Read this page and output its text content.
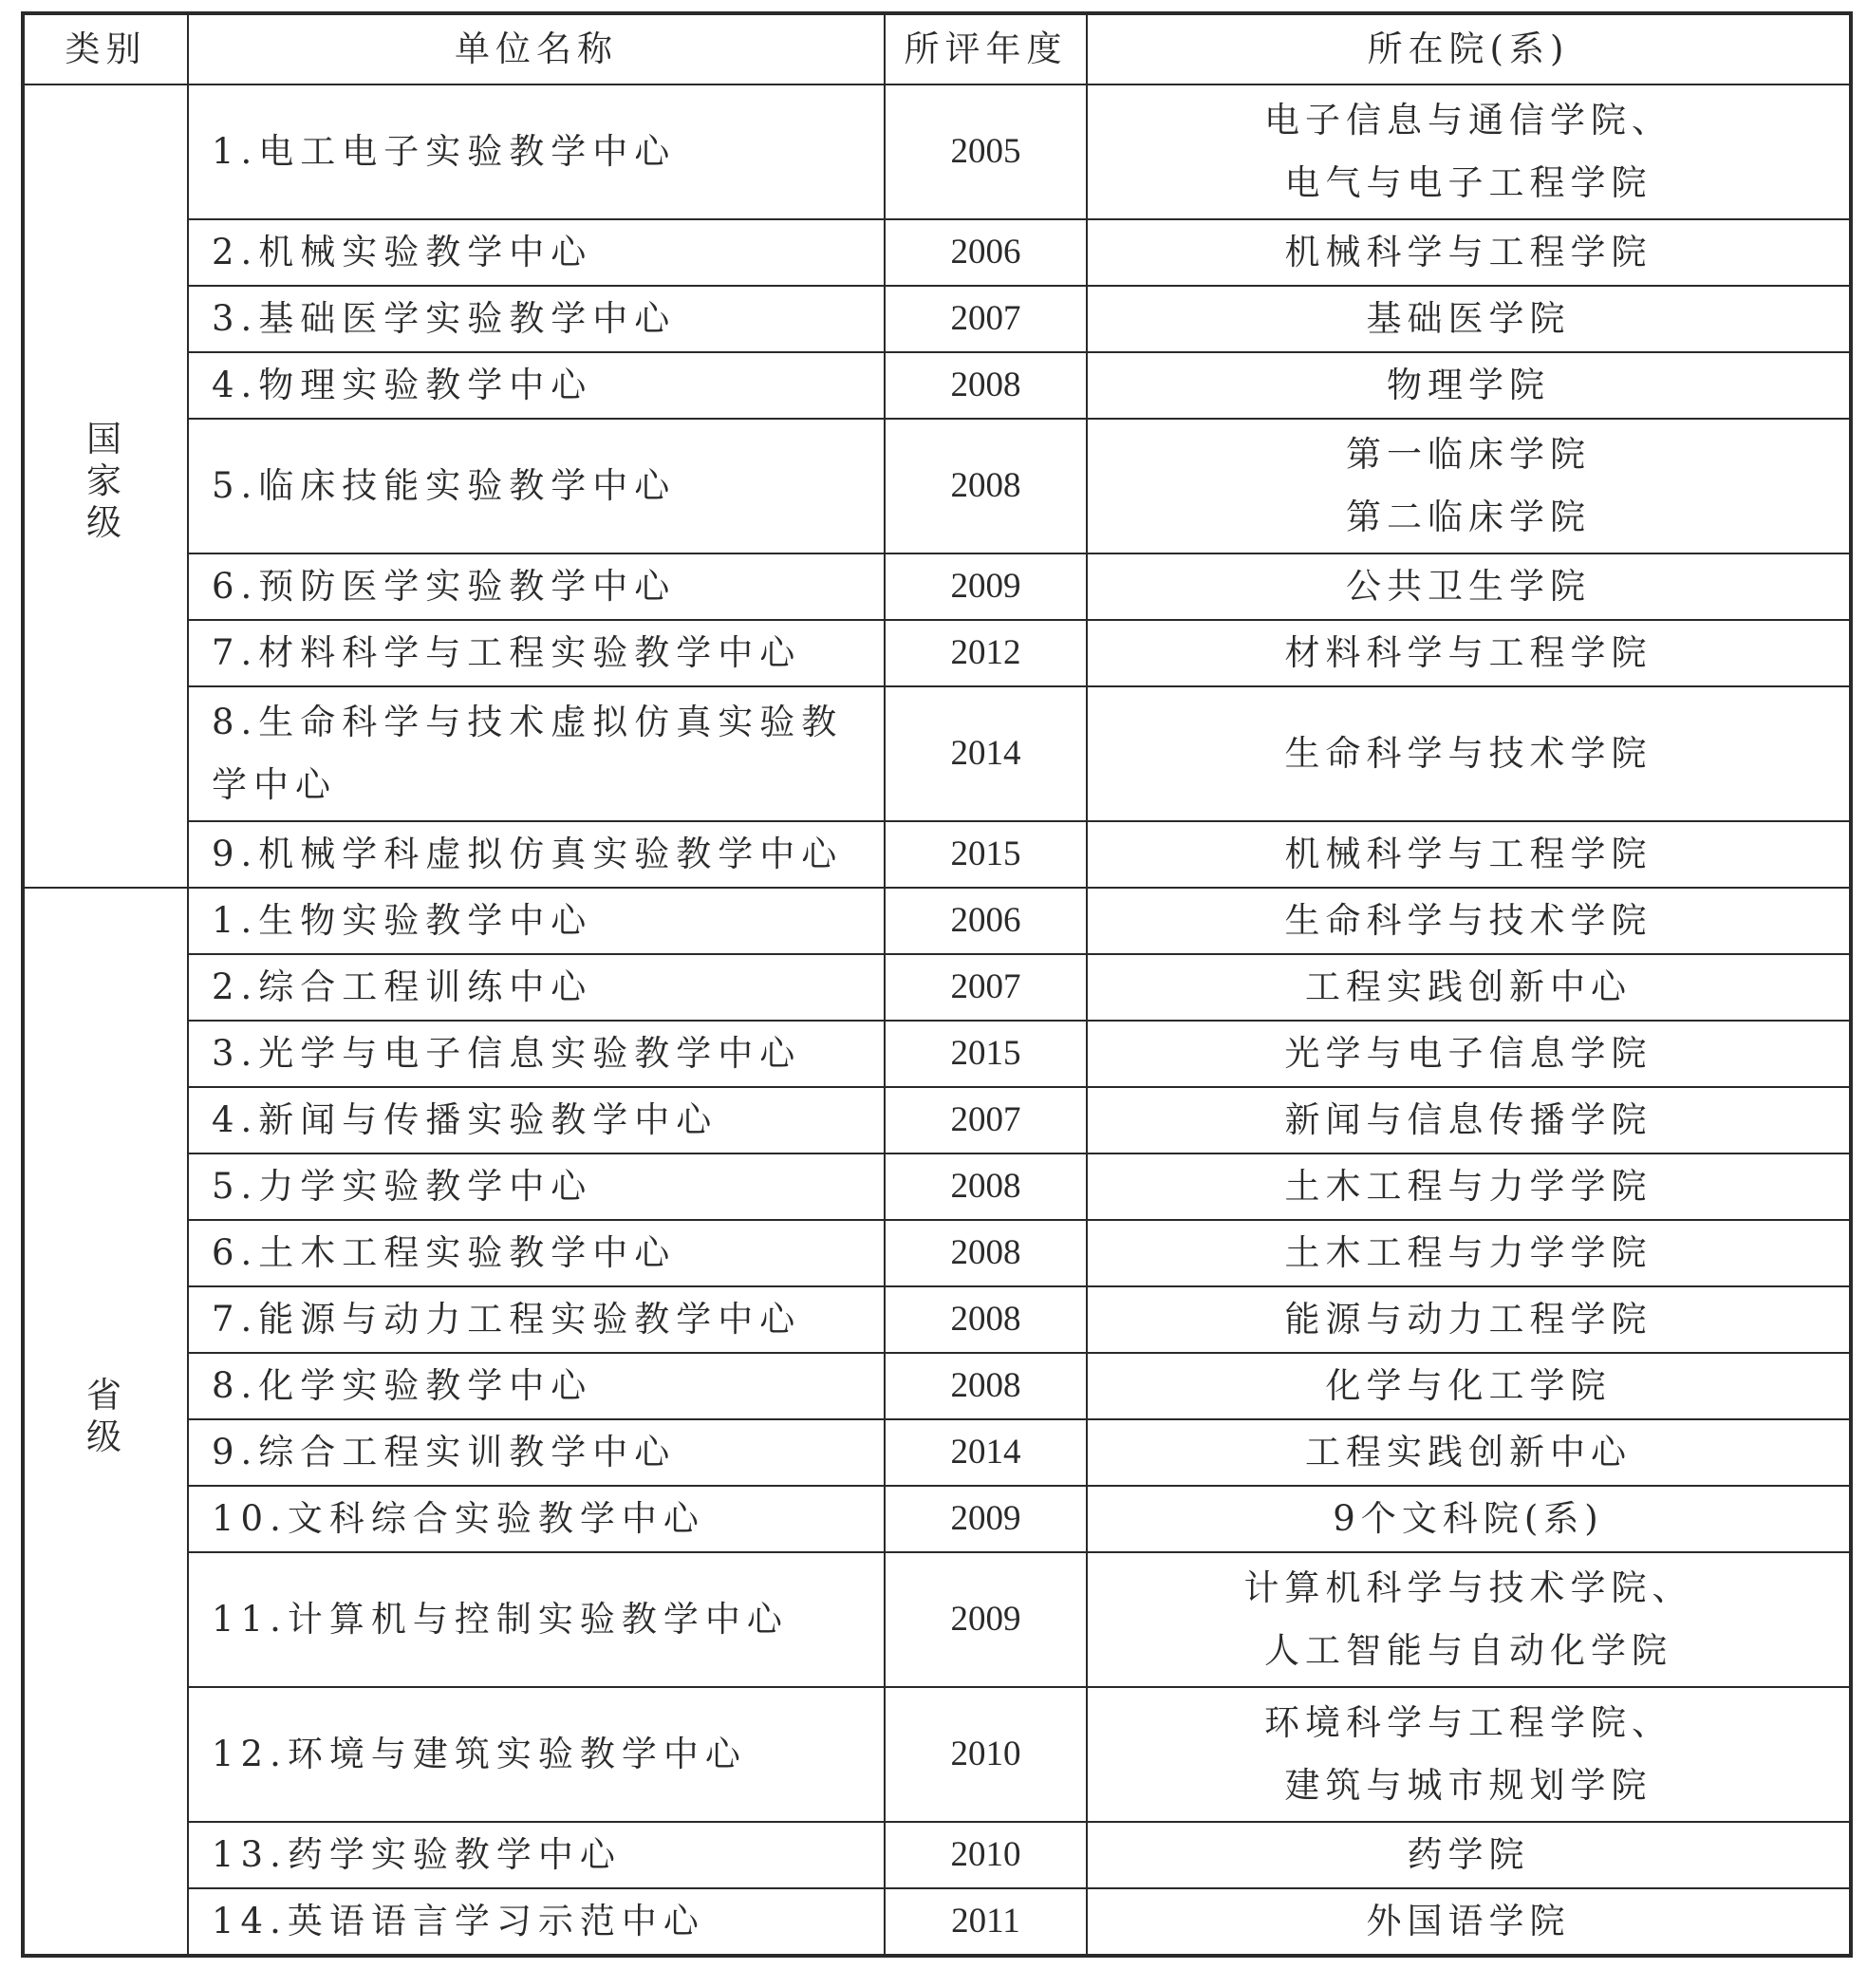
类别	单位名称	所评年度	所在院(系)
国家级	1.电工电子实验教学中心	2005	电子信息与通信学院、
电气与电子工程学院

	2.机械实验教学中心	2006	机械科学与工程学院

	3.基础医学实验教学中心	2007	基础医学院

	4.物理实验教学中心	2008	物理学院

	5.临床技能实验教学中心	2008	第一临床学院
第二临床学院

	6.预防医学实验教学中心	2009	公共卫生学院

	7.材料科学与工程实验教学中心	2012	材料科学与工程学院

	8.生命科学与技术虚拟仿真实验教学中心	2014	生命科学与技术学院

	9.机械学科虚拟仿真实验教学中心	2015	机械科学与工程学院

省级	1.生物实验教学中心	2006	生命科学与技术学院

	2.综合工程训练中心	2007	工程实践创新中心

	3.光学与电子信息实验教学中心	2015	光学与电子信息学院

	4.新闻与传播实验教学中心	2007	新闻与信息传播学院

	5.力学实验教学中心	2008	土木工程与力学学院

	6.土木工程实验教学中心	2008	土木工程与力学学院

	7.能源与动力工程实验教学中心	2008	能源与动力工程学院

	8.化学实验教学中心	2008	化学与化工学院

	9.综合工程实训教学中心	2014	工程实践创新中心

	10.文科综合实验教学中心	2009	9个文科院(系)

	11.计算机与控制实验教学中心	2009	计算机科学与技术学院、
人工智能与自动化学院

	12.环境与建筑实验教学中心	2010	环境科学与工程学院、
建筑与城市规划学院

	13.药学实验教学中心	2010	药学院

	14.英语语言学习示范中心	2011	外国语学院
